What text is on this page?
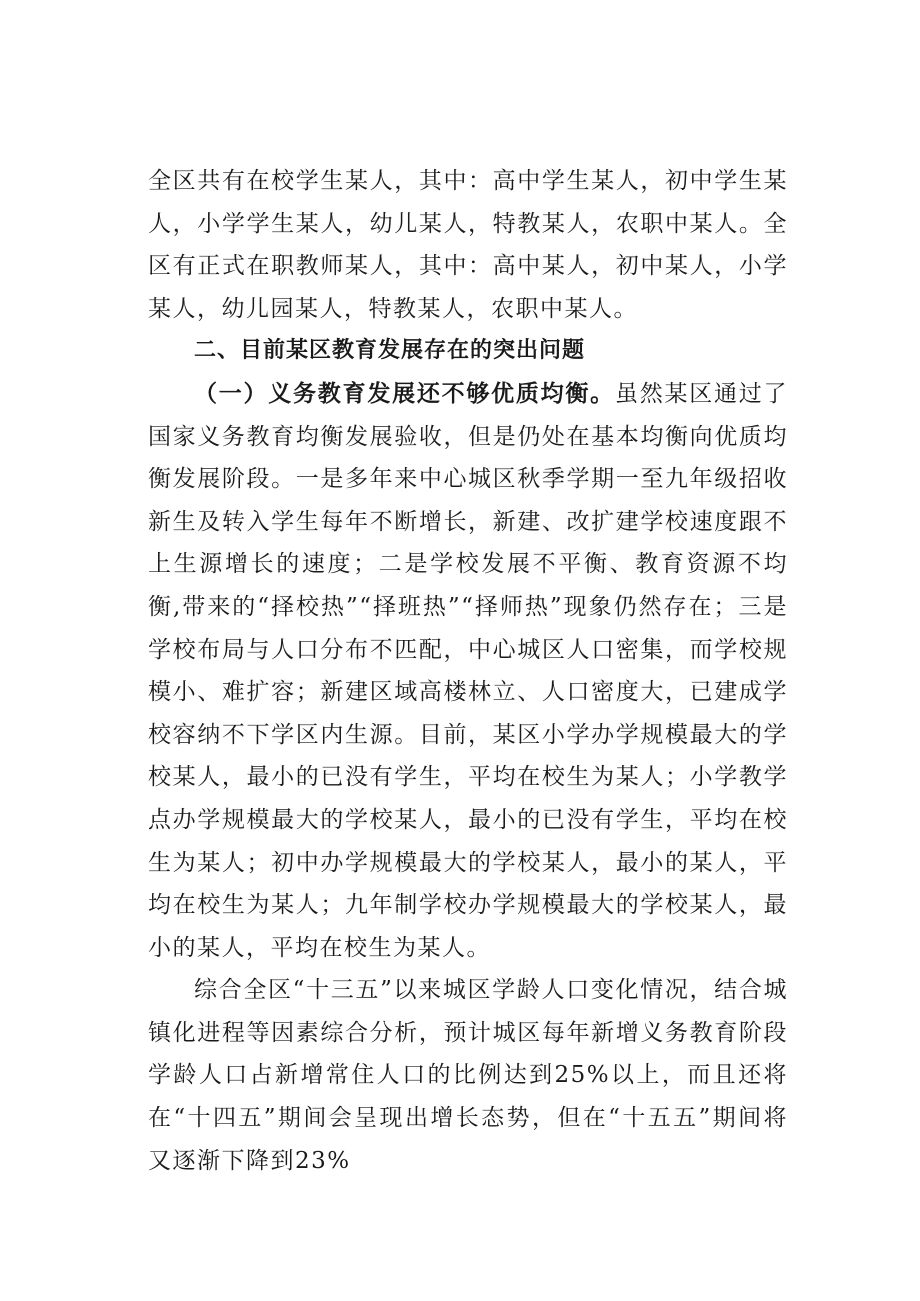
全区共有在校学生某人，其中：高中学生某人，初中学生某人，小学学生某人，幼儿某人，特教某人，农职中某人。全区有正式在职教师某人，其中：高中某人，初中某人，小学某人，幼儿园某人，特教某人，农职中某人。

二、目前某区教育发展存在的突出问题

（一）义务教育发展还不够优质均衡。虽然某区通过了国家义务教育均衡发展验收，但是仍处在基本均衡向优质均衡发展阶段。一是多年来中心城区秋季学期一至九年级招收新生及转入学生每年不断增长，新建、改扩建学校速度跟不上生源增长的速度；二是学校发展不平衡、教育资源不均衡,带来的“择校热”“择班热”“择师热”现象仍然存在；三是学校布局与人口分布不匹配，中心城区人口密集，而学校规模小、难扩容；新建区域高楼林立、人口密度大，已建成学校容纳不下学区内生源。目前，某区小学办学规模最大的学校某人，最小的已没有学生，平均在校生为某人；小学教学点办学规模最大的学校某人，最小的已没有学生，平均在校生为某人；初中办学规模最大的学校某人，最小的某人，平均在校生为某人；九年制学校办学规模最大的学校某人，最小的某人，平均在校生为某人。

综合全区“十三五”以来城区学龄人口变化情况，结合城镇化进程等因素综合分析，预计城区每年新增义务教育阶段学龄人口占新增常住人口的比例达到25%以上，而且还将在“十四五”期间会呈现出增长态势，但在“十五五”期间将又逐渐下降到23%
